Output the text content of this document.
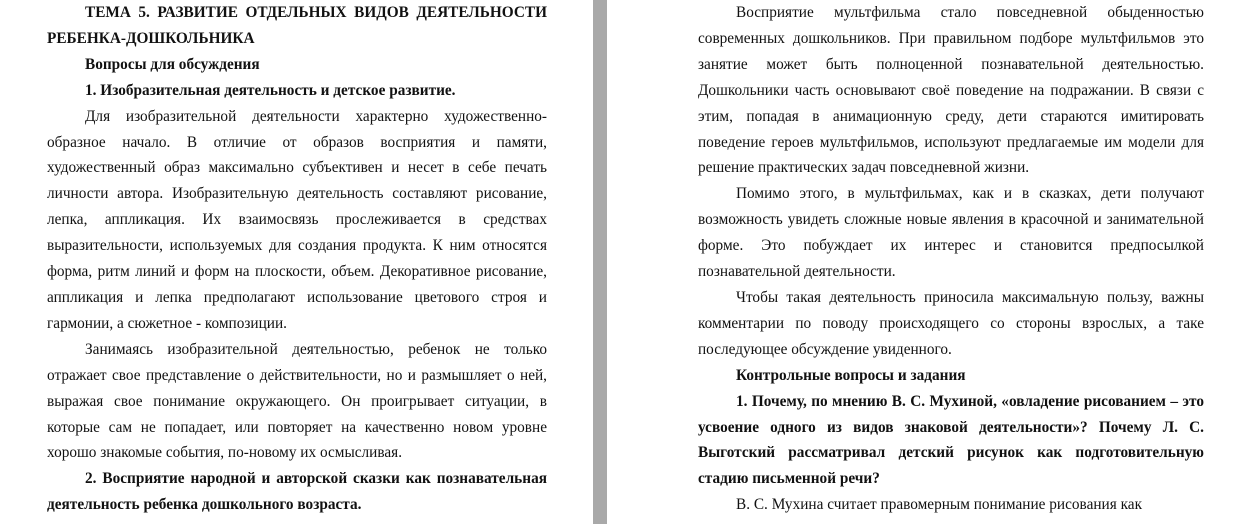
ТЕМА 5. РАЗВИТИЕ ОТДЕЛЬНЫХ ВИДОВ ДЕЯТЕЛЬНОСТИ РЕБЕНКА-ДОШКОЛЬНИКА

Вопросы для обсуждения

1. Изобразительная деятельность и детское развитие.

Для изобразительной деятельности характерно художественно-образное начало. В отличие от образов восприятия и памяти, художественный образ максимально субъективен и несет в себе печать личности автора. Изобразительную деятельность составляют рисование, лепка, аппликация. Их взаимосвязь прослеживается в средствах выразительности, используемых для создания продукта. К ним относятся форма, ритм линий и форм на плоскости, объем. Декоративное рисование, аппликация и лепка предполагают использование цветового строя и гармонии, а сюжетное - композиции.

Занимаясь изобразительной деятельностью, ребенок не только отражает свое представление о действительности, но и размышляет о ней, выражая свое понимание окружающего. Он проигрывает ситуации, в которые сам не попадает, или повторяет на качественно новом уровне хорошо знакомые события, по-новому их осмысливая.

2. Восприятие народной и авторской сказки как познавательная деятельность ребенка дошкольного возраста.

Восприятие мультфильма стало повседневной обыденностью современных дошкольников. При правильном подборе мультфильмов это занятие может быть полноценной познавательной деятельностью. Дошкольники часть основывают своё поведение на подражании. В связи с этим, попадая в анимационную среду, дети стараются имитировать поведение героев мультфильмов, используют предлагаемые им модели для решение практических задач повседневной жизни.

Помимо этого, в мультфильмах, как и в сказках, дети получают возможность увидеть сложные новые явления в красочной и занимательной форме. Это побуждает их интерес и становится предпосылкой познавательной деятельности.

Чтобы такая деятельность приносила максимальную пользу, важны комментарии по поводу происходящего со стороны взрослых, а таке последующее обсуждение увиденного.

Контрольные вопросы и задания

1. Почему, по мнению В. С. Мухиной, «овладение рисованием – это усвоение одного из видов знаковой деятельности»? Почему Л. С. Выготский рассматривал детский рисунок как подготовительную стадию письменной речи?

В. С. Мухина считает правомерным понимание рисования как
